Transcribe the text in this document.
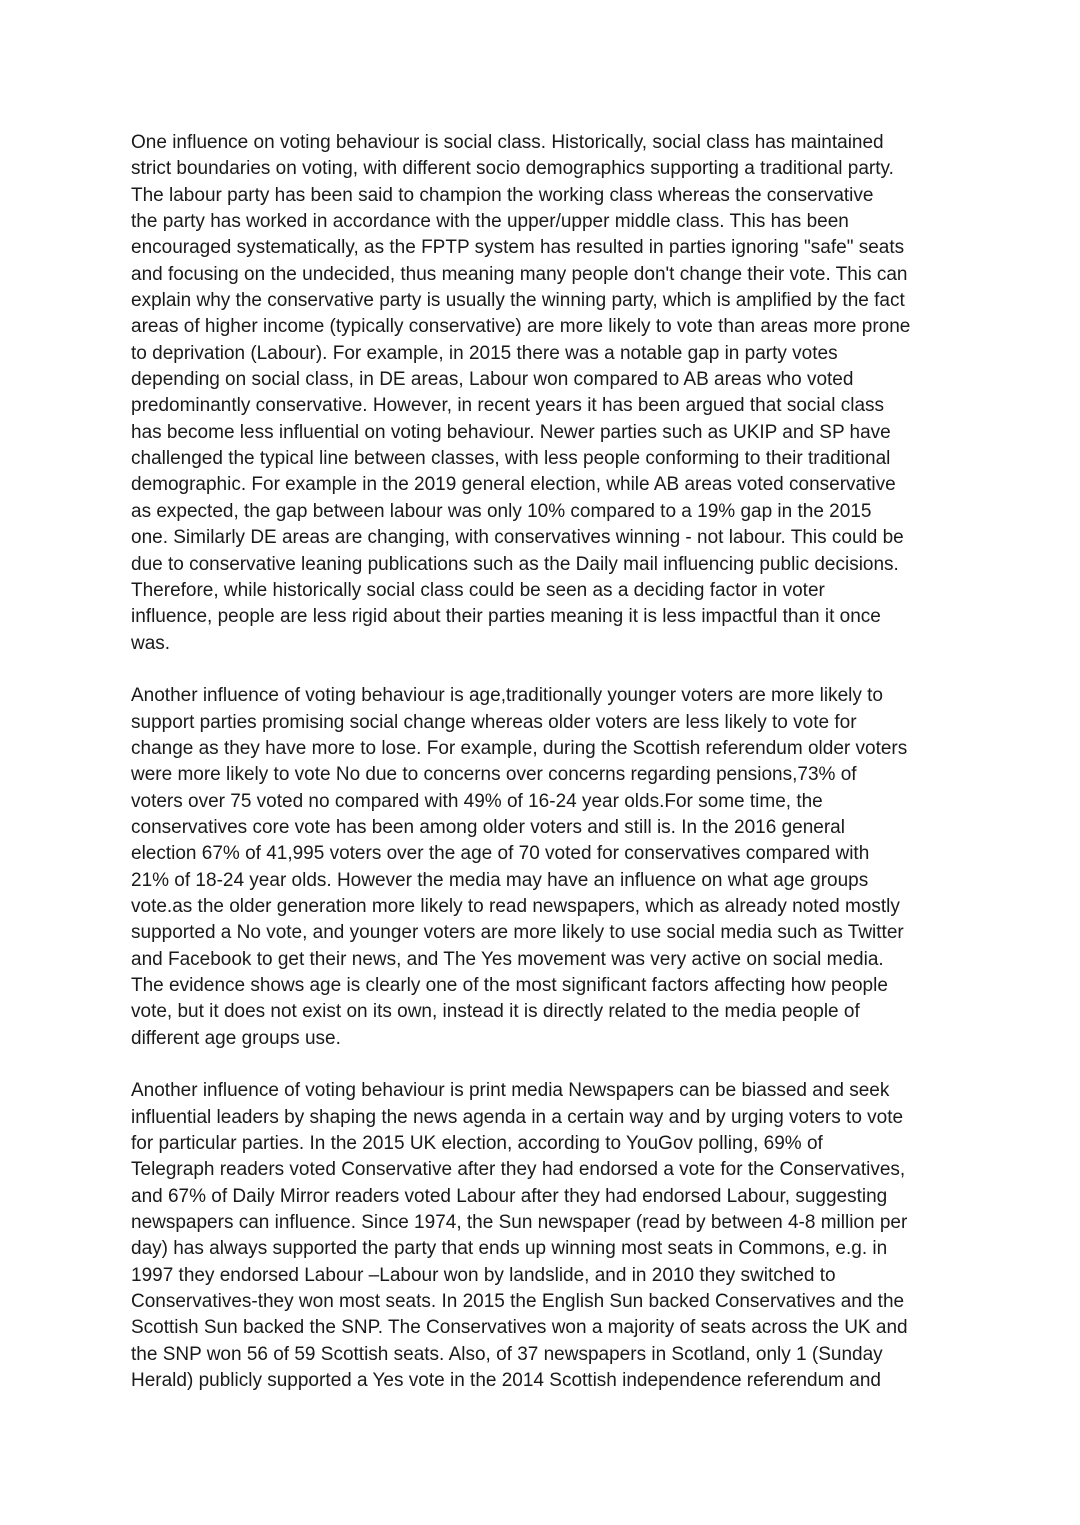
One influence on voting behaviour is social class. Historically, social class has maintained
strict boundaries on voting, with different socio demographics supporting a traditional party.
The labour party has been said to champion the working class whereas the conservative
the party has worked in accordance with the upper/upper middle class. This has been
encouraged systematically, as the FPTP system has resulted in parties ignoring "safe" seats
and focusing on the undecided, thus meaning many people don't change their vote. This can
explain why the conservative party is usually the winning party, which is amplified by the fact
areas of higher income (typically conservative) are more likely to vote than areas more prone
to deprivation (Labour). For example, in 2015 there was a notable gap in party votes
depending on social class, in DE areas, Labour won compared to AB areas who voted
predominantly conservative. However, in recent years it has been argued that social class
has become less influential on voting behaviour. Newer parties such as UKIP and SP have
challenged the typical line between classes, with less people conforming to their traditional
demographic. For example in the 2019 general election, while AB areas voted conservative
as expected, the gap between labour was only 10% compared to a 19% gap in the 2015
one. Similarly DE areas are changing, with conservatives winning - not labour. This could be
due to conservative leaning publications such as the Daily mail influencing public decisions.
Therefore, while historically social class could be seen as a deciding factor in voter
influence, people are less rigid about their parties meaning it is less impactful than it once
was.
Another influence of voting behaviour is age,traditionally younger voters are more likely to
support parties promising social change whereas older voters are less likely to vote for
change as they have more to lose. For example, during the Scottish referendum older voters
were more likely to vote No due to concerns over concerns regarding pensions,73% of
voters over 75 voted no compared with 49% of 16-24 year olds.For some time, the
conservatives core vote has been among older voters and still is. In the 2016 general
election 67% of 41,995 voters over the age of 70 voted for conservatives compared with
21% of 18-24 year olds. However the media may have an influence on what age groups
vote.as the older generation more likely to read newspapers, which as already noted mostly
supported a No vote, and younger voters are more likely to use social media such as Twitter
and Facebook to get their news, and The Yes movement was very active on social media.
The evidence shows age is clearly one of the most significant factors affecting how people
vote, but it does not exist on its own, instead it is directly related to the media people of
different age groups use.
Another influence of voting behaviour is print media Newspapers can be biassed and seek
influential leaders by shaping the news agenda in a certain way and by urging voters to vote
for particular parties. In the 2015 UK election, according to YouGov polling, 69% of
Telegraph readers voted Conservative after they had endorsed a vote for the Conservatives,
and 67% of Daily Mirror readers voted Labour after they had endorsed Labour, suggesting
newspapers can influence. Since 1974, the Sun newspaper (read by between 4-8 million per
day) has always supported the party that ends up winning most seats in Commons, e.g. in
1997 they endorsed Labour –Labour won by landslide, and in 2010 they switched to
Conservatives-they won most seats. In 2015 the English Sun backed Conservatives and the
Scottish Sun backed the SNP. The Conservatives won a majority of seats across the UK and
the SNP won 56 of 59 Scottish seats. Also, of 37 newspapers in Scotland, only 1 (Sunday
Herald) publicly supported a Yes vote in the 2014 Scottish independence referendum and
